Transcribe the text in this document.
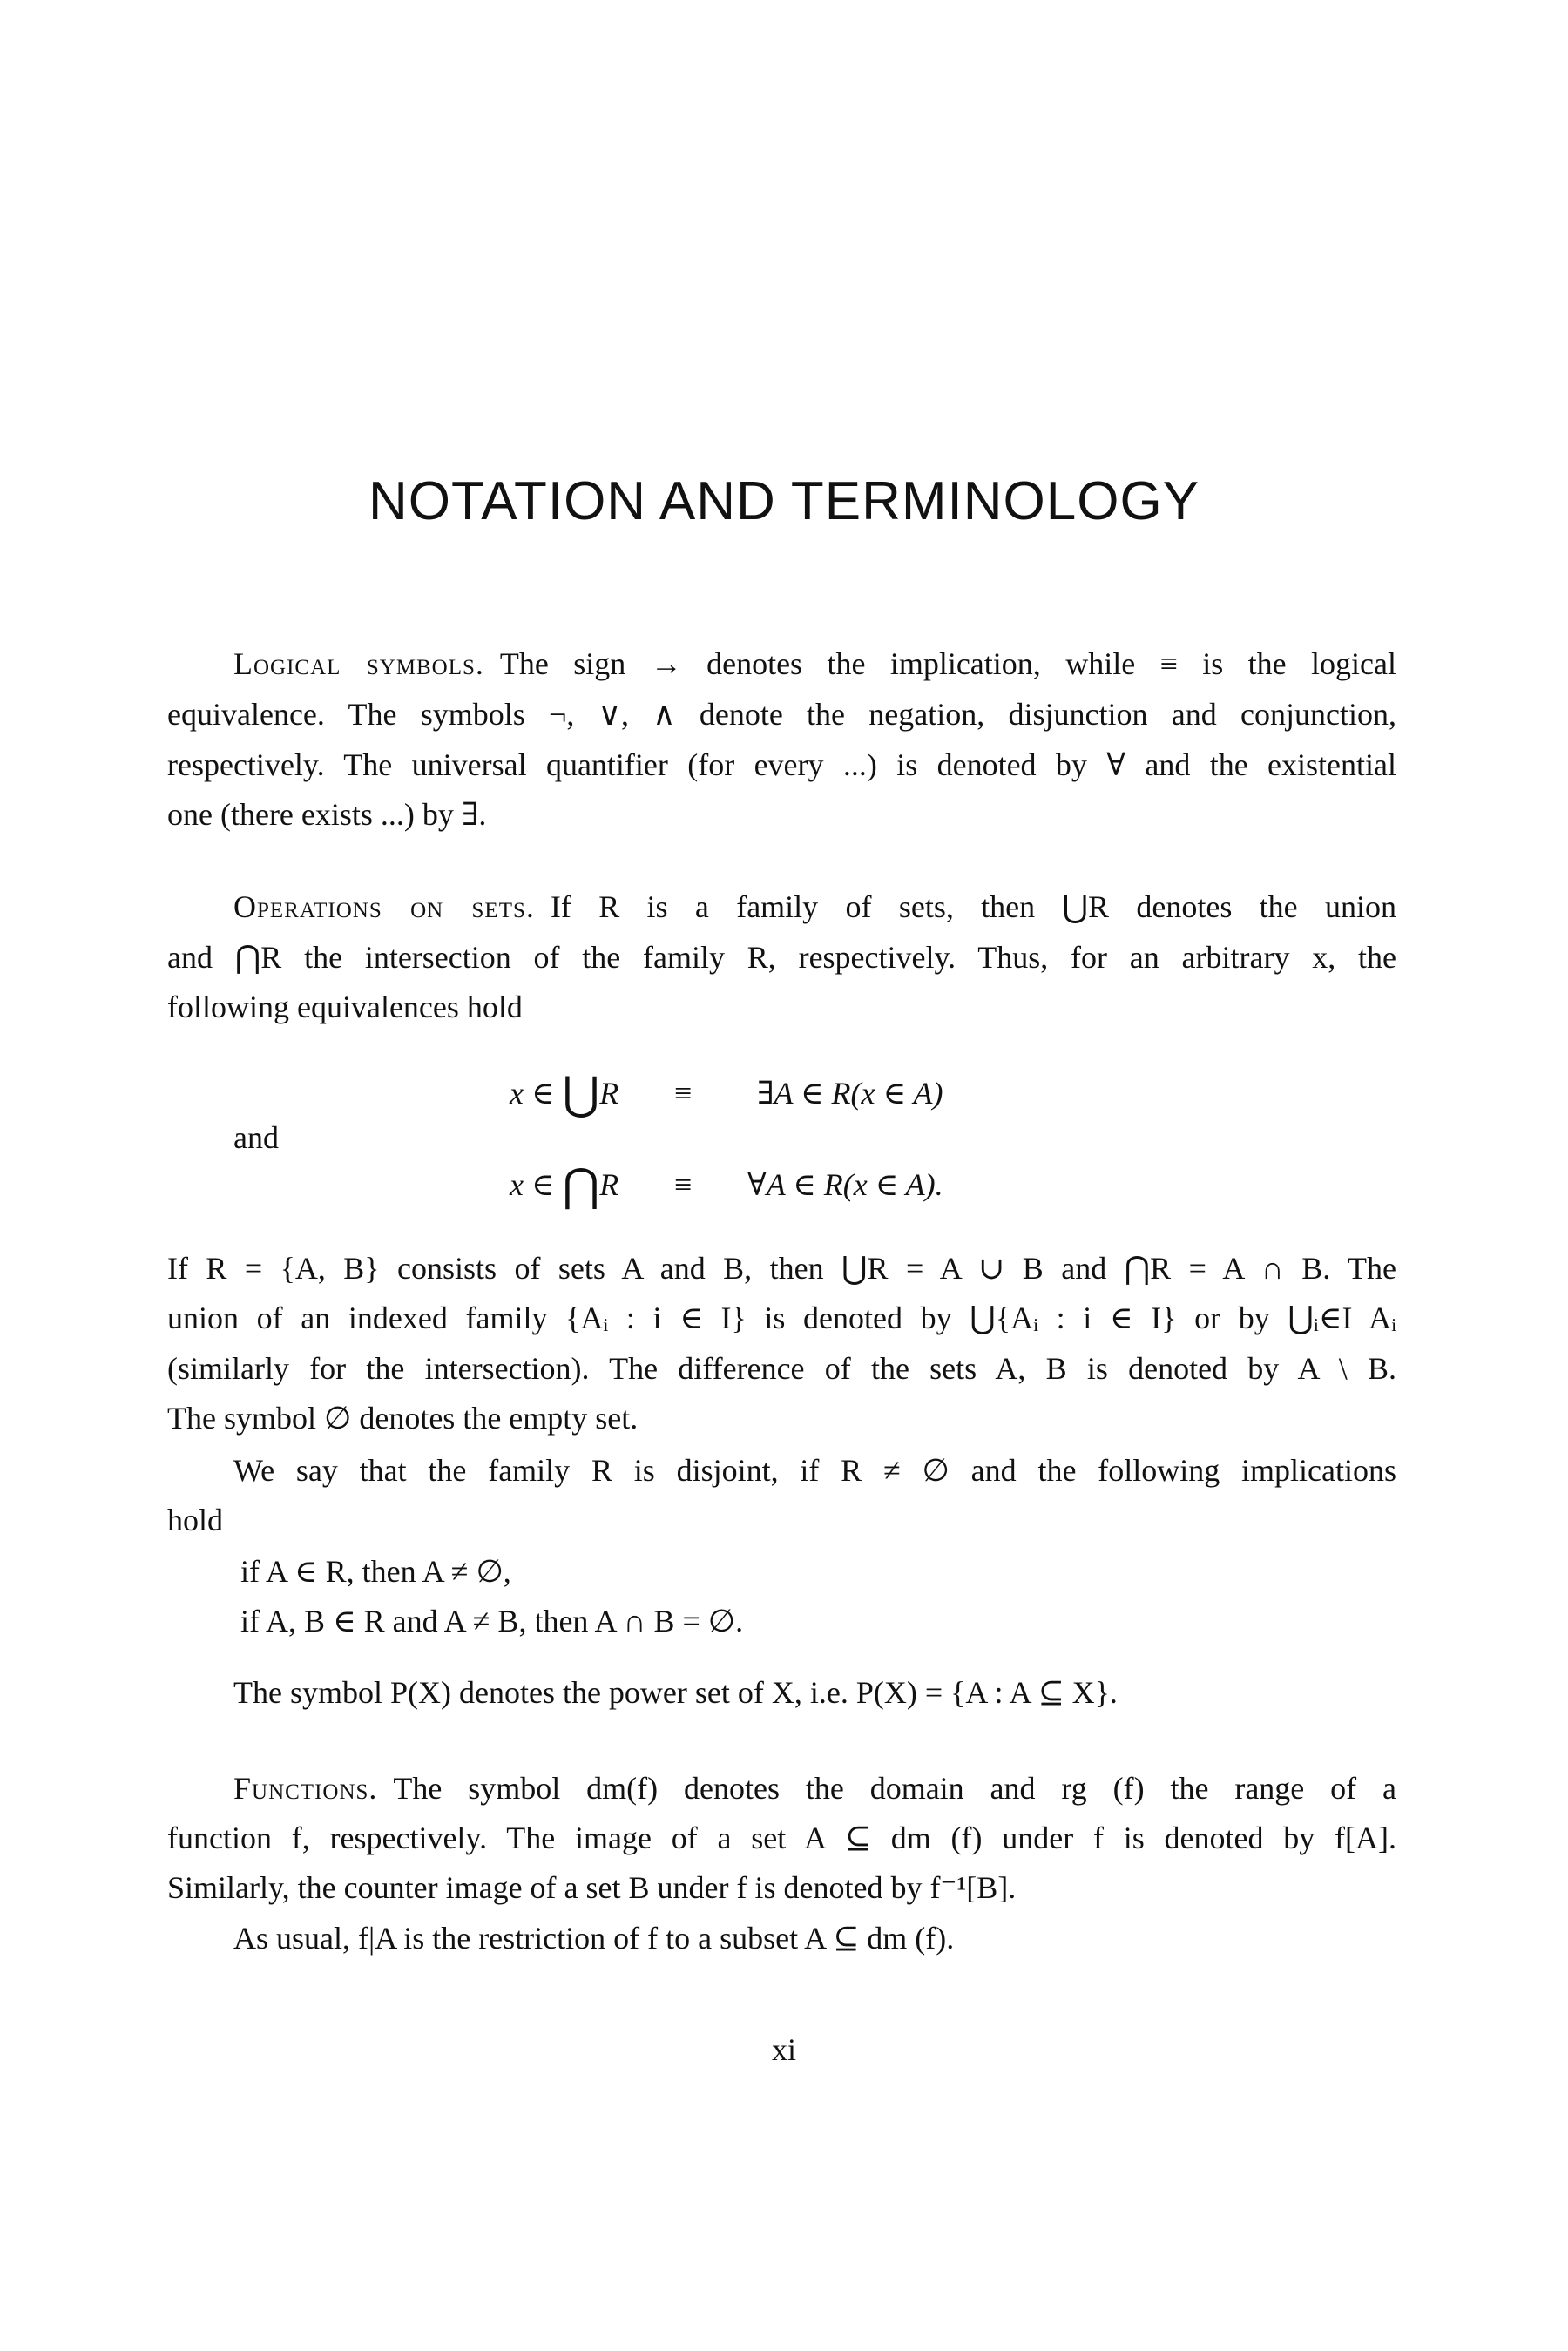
NOTATION AND TERMINOLOGY
Logical symbols. The sign → denotes the implication, while ≡ is the logical
equivalence. The symbols ¬, ∨, ∧ denote the negation, disjunction and conjunction,
respectively. The universal quantifier (for every ...) is denoted by ∀ and the existential
one (there exists ...) by ∃.
Operations on sets. If R is a family of sets, then ⋃R denotes the union
and ⋂R the intersection of the family R, respectively. Thus, for an arbitrary x, the
following equivalences hold
x ∈ ⋃R ≡ ∃A ∈ R(x ∈ A)
and
x ∈ ⋂R ≡ ∀A ∈ R(x ∈ A).
If R = {A, B} consists of sets A and B, then ⋃R = A ∪ B and ⋂R = A ∩ B. The
union of an indexed family {Aᵢ : i ∈ I} is denoted by ⋃{Aᵢ : i ∈ I} or by ⋃ᵢ∈I Aᵢ
(similarly for the intersection). The difference of the sets A, B is denoted by A \ B.
The symbol ∅ denotes the empty set.
We say that the family R is disjoint, if R ≠ ∅ and the following implications
hold
if A ∈ R, then A ≠ ∅,
if A, B ∈ R and A ≠ B, then A ∩ B = ∅.
The symbol P(X) denotes the power set of X, i.e. P(X) = {A : A ⊆ X}.
Functions. The symbol dm(f) denotes the domain and rg (f) the range of a
function f, respectively. The image of a set A ⊆ dm (f) under f is denoted by f[A].
Similarly, the counter image of a set B under f is denoted by f⁻¹[B].
As usual, f|A is the restriction of f to a subset A ⊆ dm (f).
xi
